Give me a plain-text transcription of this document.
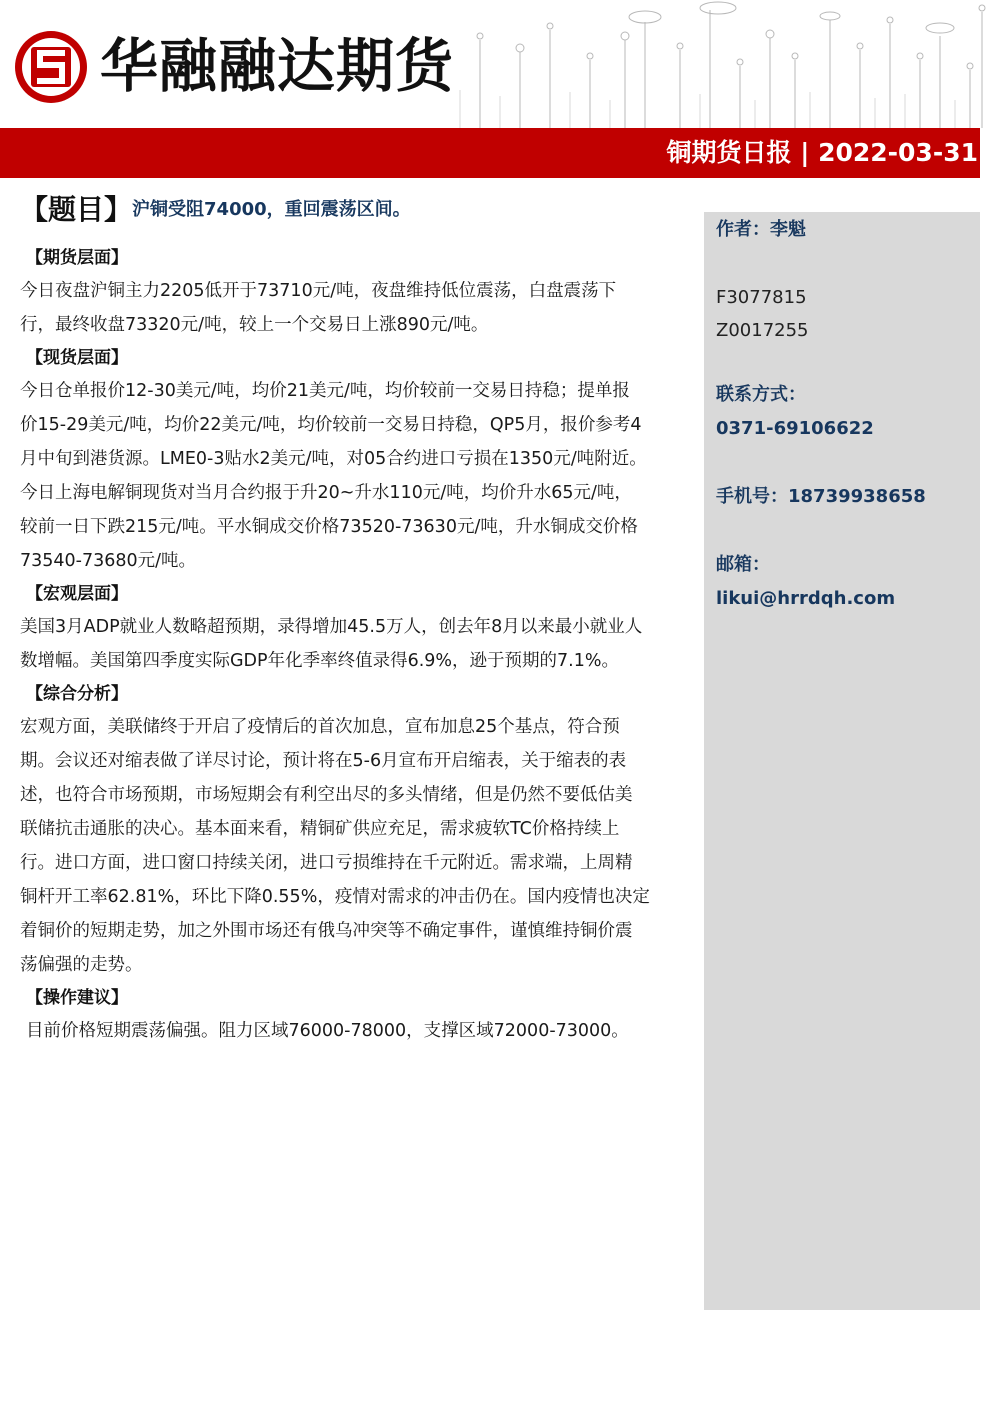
华融融达期货
铜期货日报 | 2022-03-31
作者：李魁
F3077815
Z0017255
联系方式：
0371-69106622
手机号：18739938658
邮箱：
likui@hrrdqh.com
【题目】沪铜受阻74000，重回震荡区间。
【期货层面】
今日夜盘沪铜主力2205低开于73710元/吨，夜盘维持低位震荡，白盘震荡下
行，最终收盘73320元/吨，较上一个交易日上涨890元/吨。
【现货层面】
今日仓单报价12-30美元/吨，均价21美元/吨，均价较前一交易日持稳；提单报
价15-29美元/吨，均价22美元/吨，均价较前一交易日持稳，QP5月，报价参考4
月中旬到港货源。LME0-3贴水2美元/吨，对05合约进口亏损在1350元/吨附近。
今日上海电解铜现货对当月合约报于升20~升水110元/吨，均价升水65元/吨，
较前一日下跌215元/吨。平水铜成交价格73520-73630元/吨，升水铜成交价格
73540-73680元/吨。
【宏观层面】
美国3月ADP就业人数略超预期，录得增加45.5万人，创去年8月以来最小就业人
数增幅。美国第四季度实际GDP年化季率终值录得6.9%，逊于预期的7.1%。
【综合分析】
宏观方面，美联储终于开启了疫情后的首次加息，宣布加息25个基点，符合预
期。会议还对缩表做了详尽讨论，预计将在5-6月宣布开启缩表，关于缩表的表
述，也符合市场预期，市场短期会有利空出尽的多头情绪，但是仍然不要低估美
联储抗击通胀的决心。基本面来看，精铜矿供应充足，需求疲软TC价格持续上
行。进口方面，进口窗口持续关闭，进口亏损维持在千元附近。需求端，上周精
铜杆开工率62.81%，环比下降0.55%，疫情对需求的冲击仍在。国内疫情也决定
着铜价的短期走势，加之外围市场还有俄乌冲突等不确定事件，谨慎维持铜价震
荡偏强的走势。
【操作建议】
目前价格短期震荡偏强。阻力区域76000-78000，支撑区域72000-73000。
